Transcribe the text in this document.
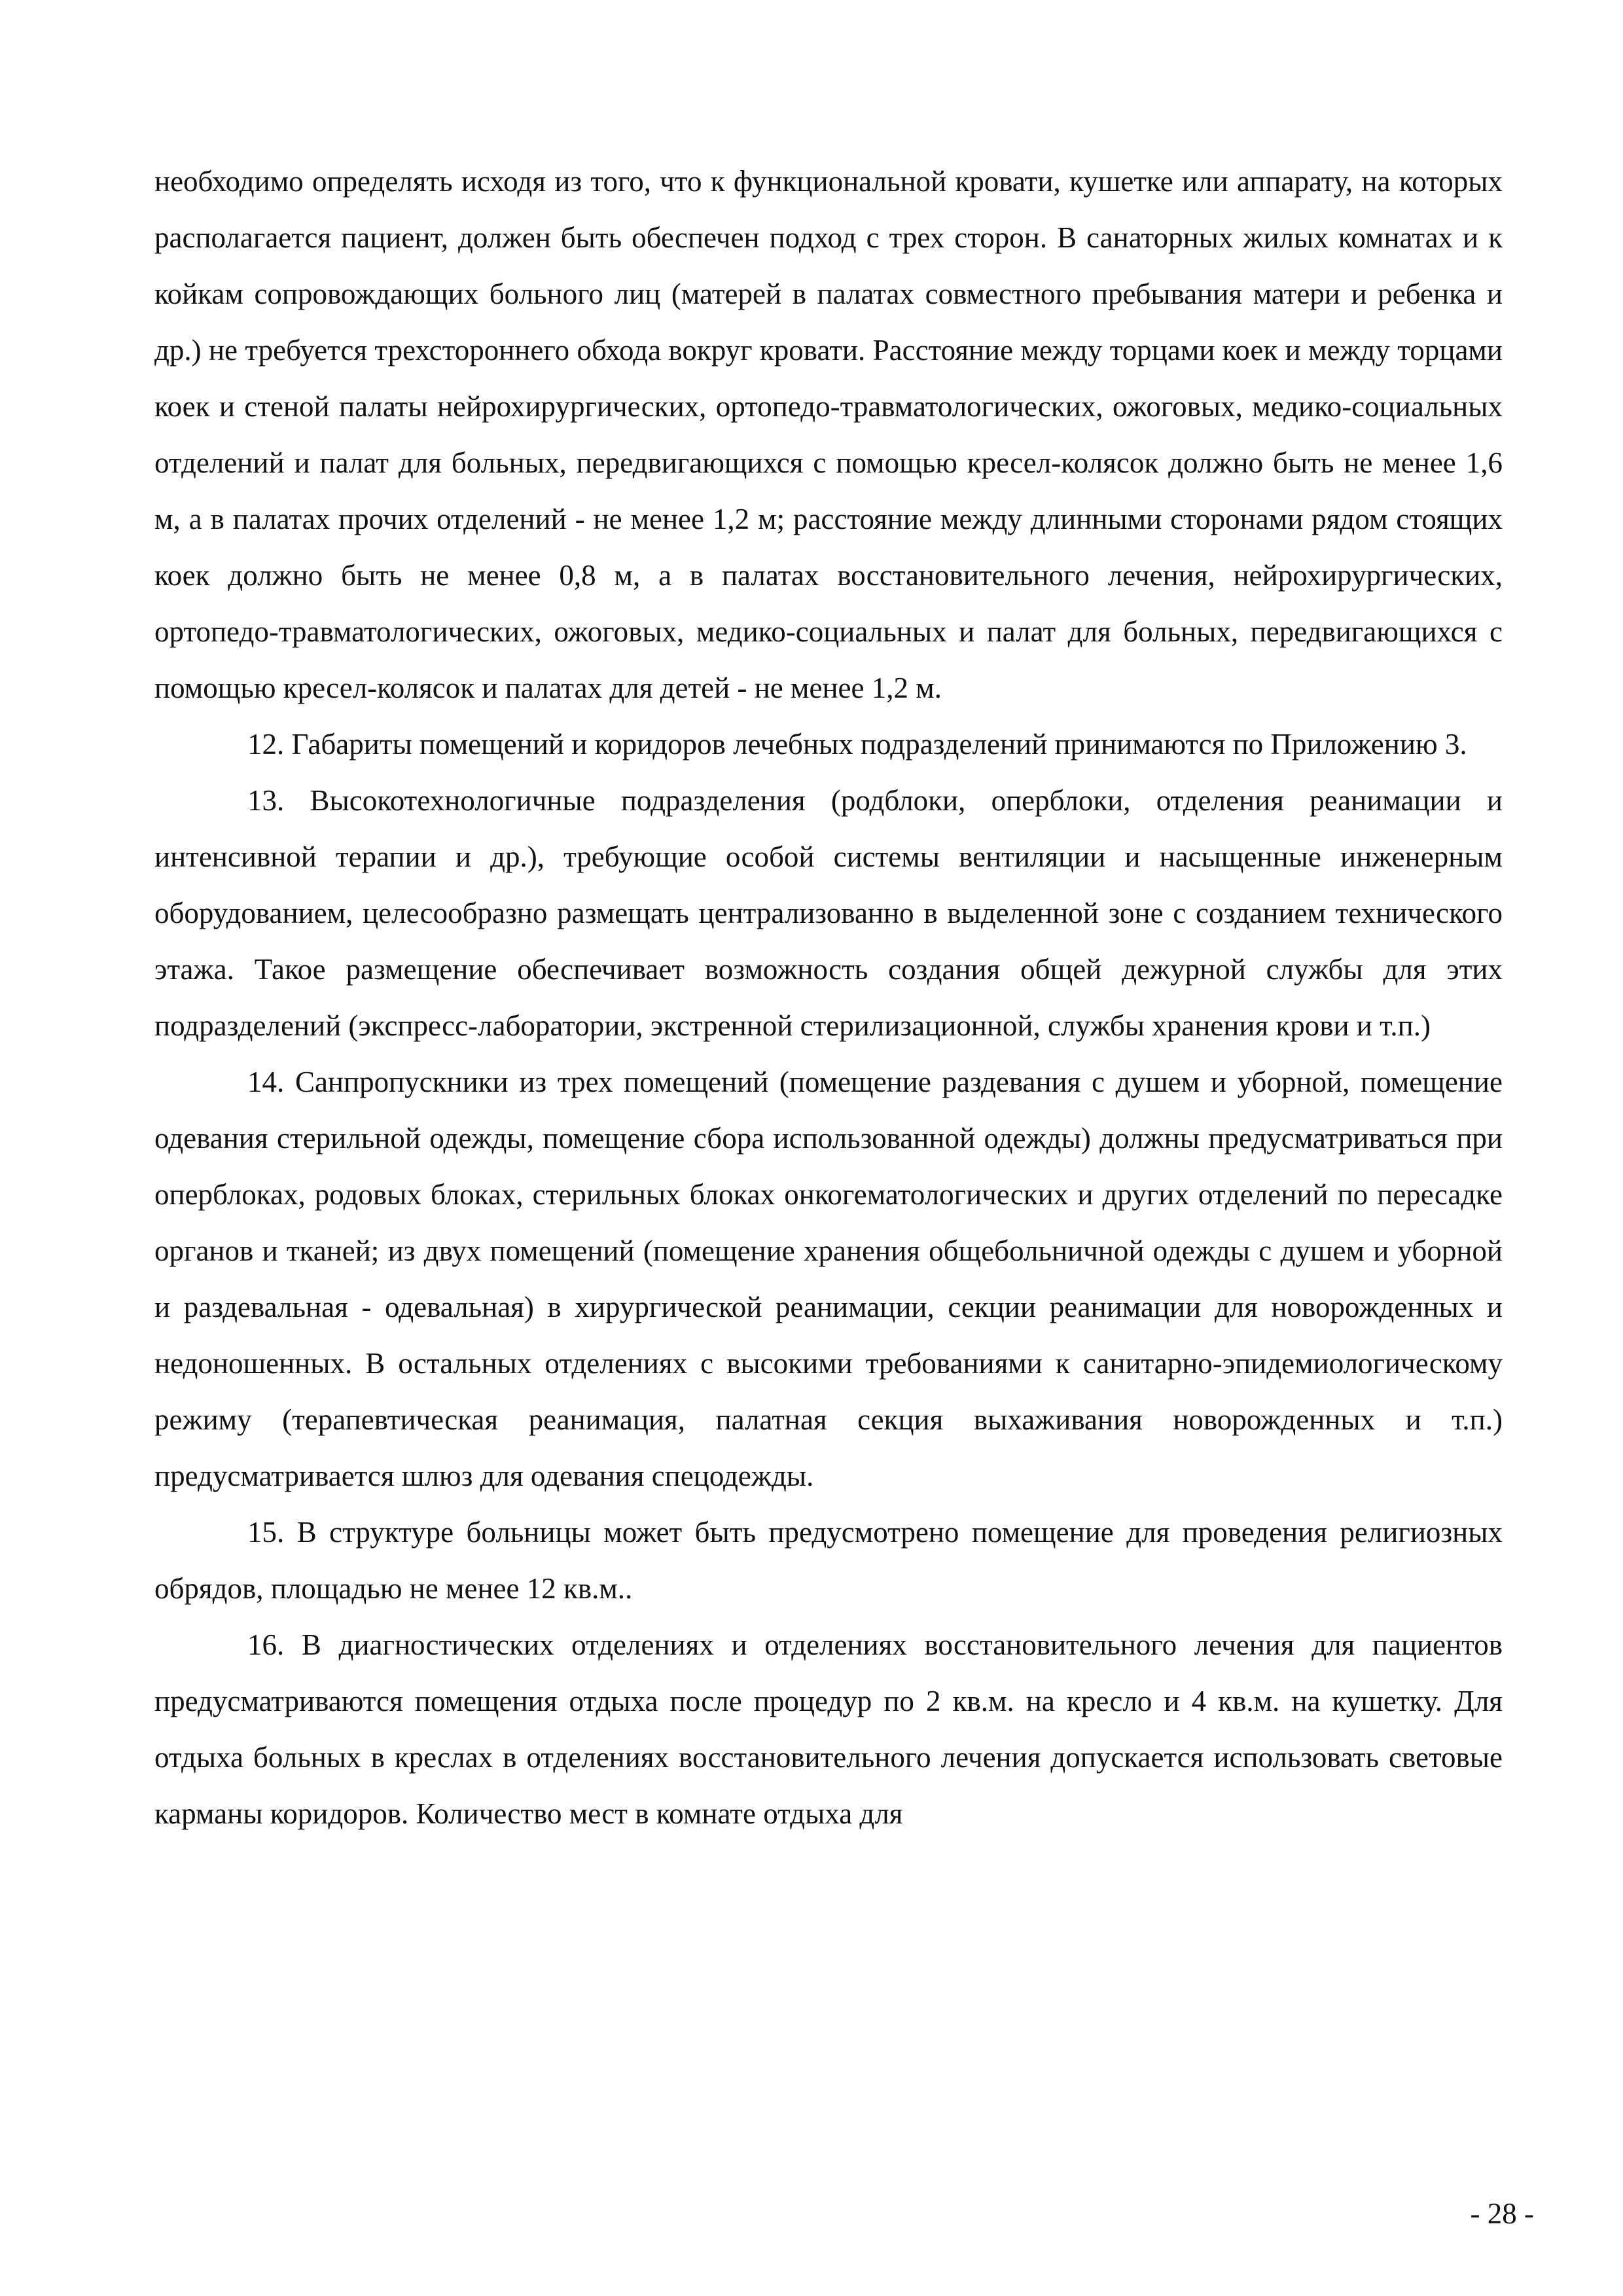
необходимо определять исходя из того, что к функциональной кровати, кушетке или аппарату, на которых располагается пациент, должен быть обеспечен подход с трех сторон. В санаторных жилых комнатах и к койкам сопровождающих больного лиц (матерей в палатах совместного пребывания матери и ребенка и др.) не требуется трехстороннего обхода вокруг кровати. Расстояние между торцами коек и между торцами коек и стеной палаты нейрохирургических, ортопедо-травматологических, ожоговых, медико-социальных отделений и палат для больных, передвигающихся с помощью кресел-колясок должно быть не менее 1,6 м, а в палатах прочих отделений - не менее 1,2 м; расстояние между длинными сторонами рядом стоящих коек должно быть не менее 0,8 м, а в палатах восстановительного лечения, нейрохирургических, ортопедо-травматологических, ожоговых, медико-социальных и палат для больных, передвигающихся с помощью кресел-колясок и палатах для детей - не менее 1,2 м.

12. Габариты помещений и коридоров лечебных подразделений принимаются по Приложению 3.

13. Высокотехнологичные подразделения (родблоки, оперблоки, отделения реанимации и интенсивной терапии и др.), требующие особой системы вентиляции и насыщенные инженерным оборудованием, целесообразно размещать централизованно в выделенной зоне с созданием технического этажа. Такое размещение обеспечивает возможность создания общей дежурной службы для этих подразделений (экспресс-лаборатории, экстренной стерилизационной, службы хранения крови и т.п.)

14. Санпропускники из трех помещений (помещение раздевания с душем и уборной, помещение одевания стерильной одежды, помещение сбора использованной одежды) должны предусматриваться при оперблоках, родовых блоках, стерильных блоках онкогематологических и других отделений по пересадке органов и тканей; из двух помещений (помещение хранения общебольничной одежды с душем и уборной и раздевальная - одевальная) в хирургической реанимации, секции реанимации для новорожденных и недоношенных. В остальных отделениях с высокими требованиями к санитарно-эпидемиологическому режиму (терапевтическая реанимация, палатная секция выхаживания новорожденных и т.п.) предусматривается шлюз для одевания спецодежды.

15. В структуре больницы может быть предусмотрено помещение для проведения религиозных обрядов, площадью не менее 12 кв.м..

16. В диагностических отделениях и отделениях восстановительного лечения для пациентов предусматриваются помещения отдыха после процедур по 2 кв.м. на кресло и 4 кв.м. на кушетку. Для отдыха больных в креслах в отделениях восстановительного лечения допускается использовать световые карманы коридоров. Количество мест в комнате отдыха для

- 28 -
